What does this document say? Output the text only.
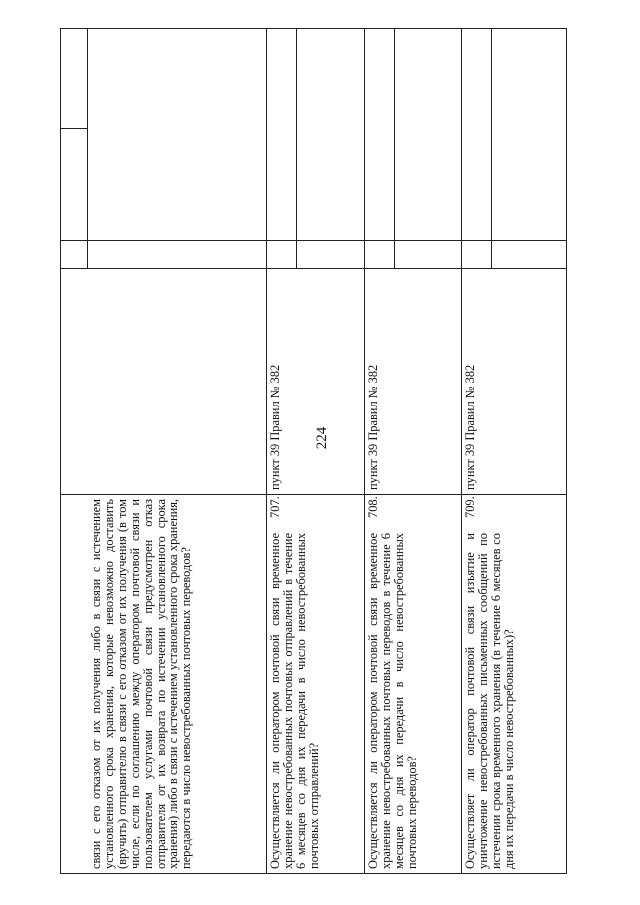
224

связи с его отказом от их получения либо в связи с истечением установленного срока хранения, которые невозможно доставить (вручить) отправителю в связи с его отказом от их получения (в том числе, если по соглашению между оператором почтовой связи и пользователем услугами почтовой связи предусмотрен отказ отправителя от их возврата по истечении установленного срока хранения) либо в связи с истечением установленного срока хранения, передаются в число невостребованных почтовых переводов?

707.

Осуществляется ли оператором почтовой связи временное хранение невостребованных почтовых отправлений в течение 6 месяцев со дня их передачи в число невостребованных почтовых отправлений?

пункт 39 Правил № 382

708.

Осуществляется ли оператором почтовой связи временное хранение невостребованных почтовых переводов в течение 6 месяцев со дня их передачи в число невостребованных почтовых переводов?

пункт 39 Правил № 382

709.

Осуществляет ли оператор почтовой связи изъятие и уничтожение невостребованных письменных сообщений по истечении срока временного хранения (в течение 6 месяцев со дня их передачи в число невостребованных)?

пункт 39 Правил № 382
